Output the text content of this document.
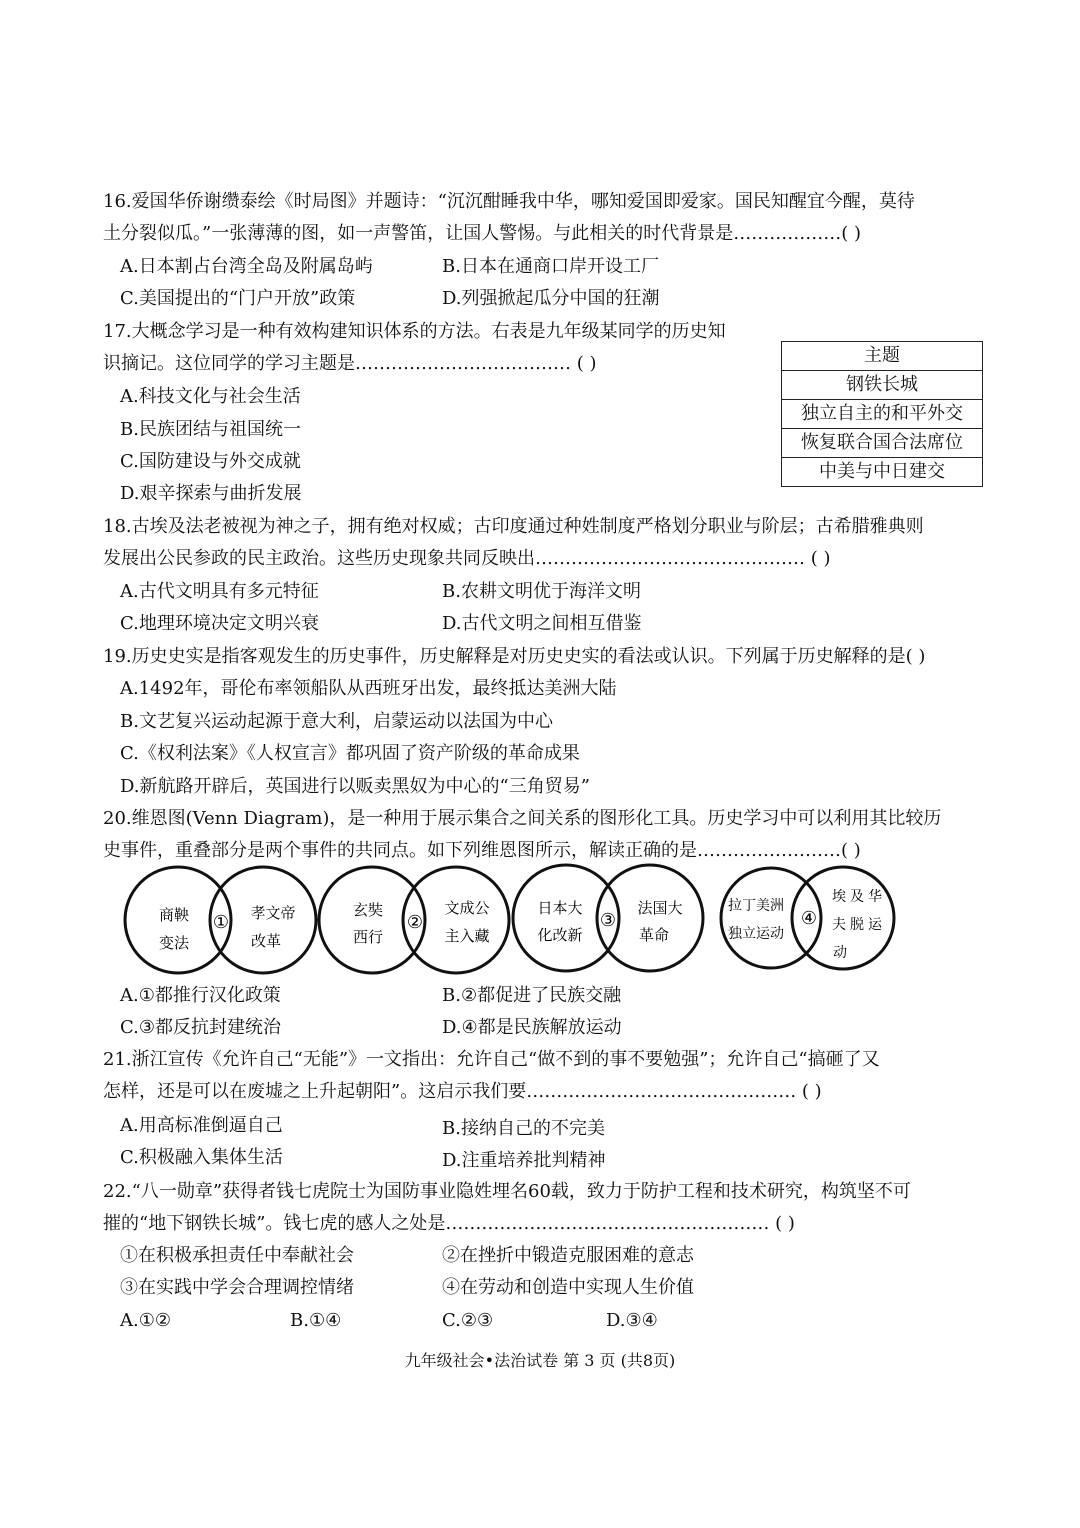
16.爱国华侨谢缵泰绘《时局图》并题诗：“沉沉酣睡我中华，哪知爱国即爱家。国民知醒宜今醒，莫待
土分裂似瓜。”一张薄薄的图，如一声警笛，让国人警惕。与此相关的时代背景是………………( )
A.日本割占台湾全岛及附属岛屿	B.日本在通商口岸开设工厂
C.美国提出的“门户开放”政策	D.列强掀起瓜分中国的狂潮
17.大概念学习是一种有效构建知识体系的方法。右表是九年级某同学的历史知
识摘记。这位同学的学习主题是……………………………… ( )
A.科技文化与社会生活
B.民族团结与祖国统一
C.国防建设与外交成就
D.艰辛探索与曲折发展
主题
钢铁长城
独立自主的和平外交
恢复联合国合法席位
中美与中日建交
18.古埃及法老被视为神之子，拥有绝对权威；古印度通过种姓制度严格划分职业与阶层；古希腊雅典则
发展出公民参政的民主政治。这些历史现象共同反映出……………………………………… ( )
A.古代文明具有多元特征	B.农耕文明优于海洋文明
C.地理环境决定文明兴衰	D.古代文明之间相互借鉴
19.历史史实是指客观发生的历史事件，历史解释是对历史史实的看法或认识。下列属于历史解释的是( )
A.1492年，哥伦布率领船队从西班牙出发，最终抵达美洲大陆
B.文艺复兴运动起源于意大利，启蒙运动以法国为中心
C.《权利法案》《人权宣言》都巩固了资产阶级的革命成果
D.新航路开辟后，英国进行以贩卖黑奴为中心的“三角贸易”
20.维恩图(Venn Diagram)，是一种用于展示集合之间关系的图形化工具。历史学习中可以利用其比较历
史事件，重叠部分是两个事件的共同点。如下列维恩图所示，解读正确的是……………………( )
商鞅
变法
① 孝文帝
改革
玄奘
西行
②
文成公
主入藏
日本大
化改新
③
法国大
革命
拉丁美洲
独立运动
④
埃及华
夫脱运
动
A.①都推行汉化政策	B.②都促进了民族交融
C.③都反抗封建统治	D.④都是民族解放运动
21.浙江宣传《允许自己“无能”》一文指出：允许自己“做不到的事不要勉强”；允许自己“搞砸了又
怎样，还是可以在废墟之上升起朝阳”。这启示我们要……………………………………… ( )
A.用高标准倒逼自己	B.接纳自己的不完美
C.积极融入集体生活	D.注重培养批判精神
22.“八一勋章”获得者钱七虎院士为国防事业隐姓埋名60载，致力于防护工程和技术研究，构筑坚不可
摧的“地下钢铁长城”。钱七虎的感人之处是……………………………………………… ( )
①在积极承担责任中奉献社会	②在挫折中锻造克服困难的意志
③在实践中学会合理调控情绪	④在劳动和创造中实现人生价值
A.①②	B.①④	C.②③	D.③④
九年级社会•法治试卷 第 3 页 (共8页)
